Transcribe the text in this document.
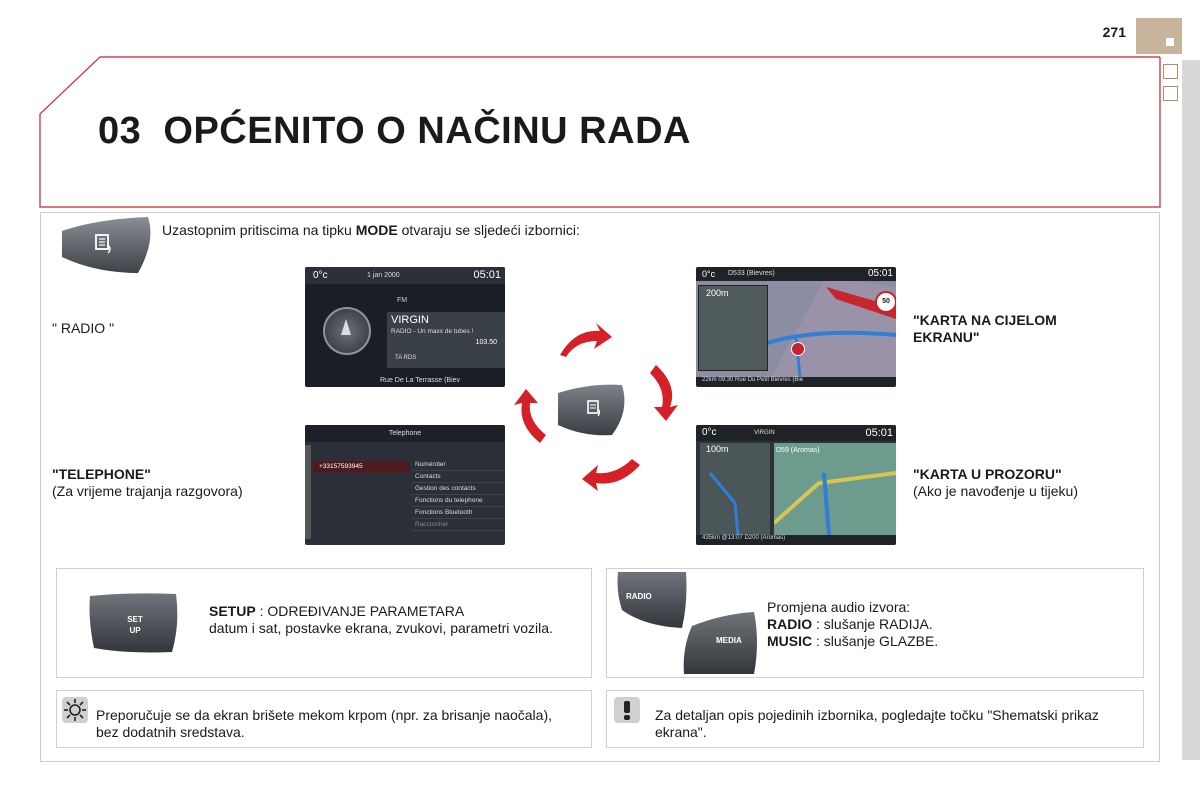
271
03 OPĆENITO O NAČINU RADA
Uzastopnim pritiscima na tipku MODE otvaraju se sljedeći izbornici:
" RADIO "
"TELEPHONE"
(Za vrijeme trajanja razgovora)
"KARTA NA CIJELOM EKRANU"
"KARTA U PROZORU"
(Ako je navođenje u tijeku)
0°c	1 jan 2000	05:01
FM
VIRGIN
RADIO - Un maxx de tubes !
103.50
TA RDS
Rue De La Terrasse (Biev
Telephone
+33157593945	Numéroter
Contacts
Gestion des contacts
Fonctions du telephone
Fonctions Bluetooth
Raccrocher
0°c D533 (Bievres)	05:01
200m
50
22km 09:30 Rue Du Petit Bievres (Bie
0°c	VIRGIN	05:01
100m	D59 (Aromas)
435km @13:07 D200 (Aromas)
SET
UP
SETUP : ODREĐIVANJE PARAMETARA
datum i sat, postavke ekrana, zvukovi, parametri vozila.
RADIO
MEDIA
Promjena audio izvora:
RADIO : slušanje RADIJA.
MUSIC : slušanje GLAZBE.
Preporučuje se da ekran brišete mekom krpom (npr. za brisanje naočala), bez dodatnih sredstava.
Za detaljan opis pojedinih izbornika, pogledajte točku "Shematski prikaz ekrana".
